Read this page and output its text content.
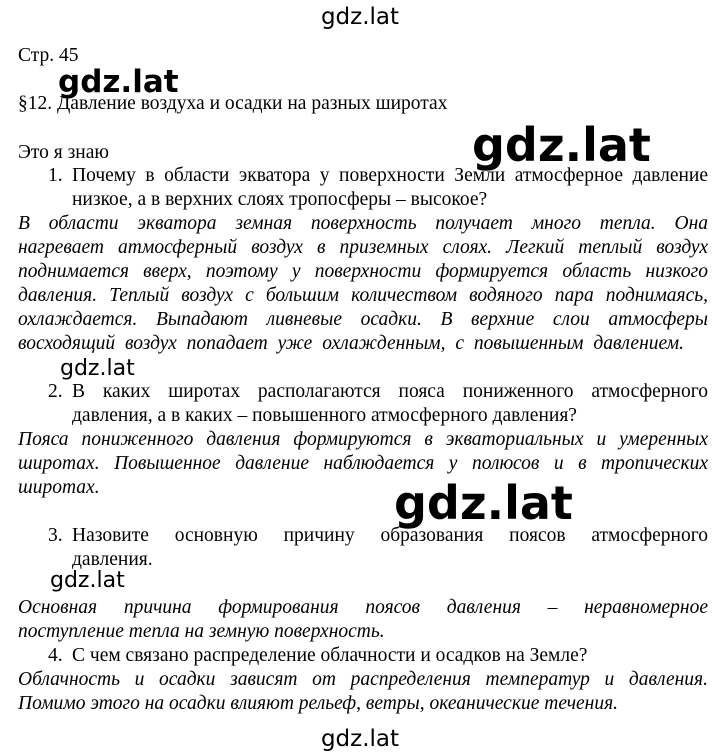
gdz.lat
gdz.lat
gdz.lat
gdz.lat
gdz.lat
gdz.lat
gdz.lat
Стр. 45
§12. Давление воздуха и осадки на разных широтах
Это я знаю
1. Почему в области экватора у поверхности Земли атмосферное давление
низкое, а в верхних слоях тропосферы – высокое?
В области экватора земная поверхность получает много тепла. Она
нагревает атмосферный воздух в приземных слоях. Легкий теплый воздух
поднимается вверх, поэтому у поверхности формируется область низкого
давления. Теплый воздух с большим количеством водяного пара поднимаясь,
охлаждается. Выпадают ливневые осадки. В верхние слои атмосферы
восходящий воздух попадает уже охлажденным, с повышенным давлением.
2. В каких широтах располагаются пояса пониженного атмосферного
давления, а в каких – повышенного атмосферного давления?
Пояса пониженного давления формируются в экваториальных и умеренных
широтах. Повышенное давление наблюдается у полюсов и в тропических
широтах.
3. Назовите основную причину образования поясов атмосферного
давления.
Основная причина формирования поясов давления – неравномерное
поступление тепла на земную поверхность.
4. С чем связано распределение облачности и осадков на Земле?
Облачность и осадки зависят от распределения температур и давления.
Помимо этого на осадки влияют рельеф, ветры, океанические течения.
